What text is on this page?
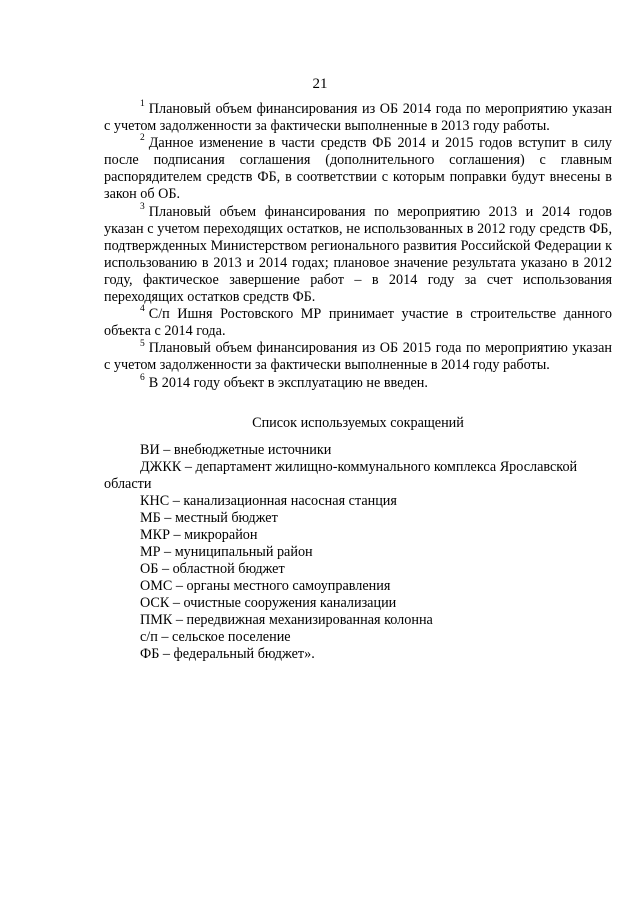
21

$^1$ Плановый объем финансирования из ОБ 2014 года по мероприятию указан с учетом задолженности за фактически выполненные в 2013 году работы.

$^2$ Данное изменение в части средств ФБ 2014 и 2015 годов вступит в силу после подписания соглашения (дополнительного соглашения) с главным распорядителем средств ФБ, в соответствии с которым поправки будут внесены в закон об ОБ.

$^3$ Плановый объем финансирования по мероприятию 2013 и 2014 годов указан с учетом переходящих остатков, не использованных в 2012 году средств ФБ, подтвержденных Министерством регионального развития Российской Федерации к использованию в 2013 и 2014 годах; плановое значение результата указано в 2012 году, фактическое завершение работ – в 2014 году за счет использования переходящих остатков средств ФБ.

$^4$ С/п Ишня Ростовского МР принимает участие в строительстве данного объекта с 2014 года.

$^5$ Плановый объем финансирования из ОБ 2015 года по мероприятию указан с учетом задолженности за фактически выполненные в 2014 году работы.

$^6$ В 2014 году объект в эксплуатацию не введен.

Список используемых сокращений

ВИ – внебюджетные источники

ДЖКК – департамент жилищно-коммунального комплекса Ярославской области

КНС – канализационная насосная станция

МБ – местный бюджет

МКР – микрорайон

МР – муниципальный район

ОБ – областной бюджет

ОМС – органы местного самоуправления

ОСК – очистные сооружения канализации

ПМК – передвижная механизированная колонна

с/п – сельское поселение

ФБ – федеральный бюджет».
